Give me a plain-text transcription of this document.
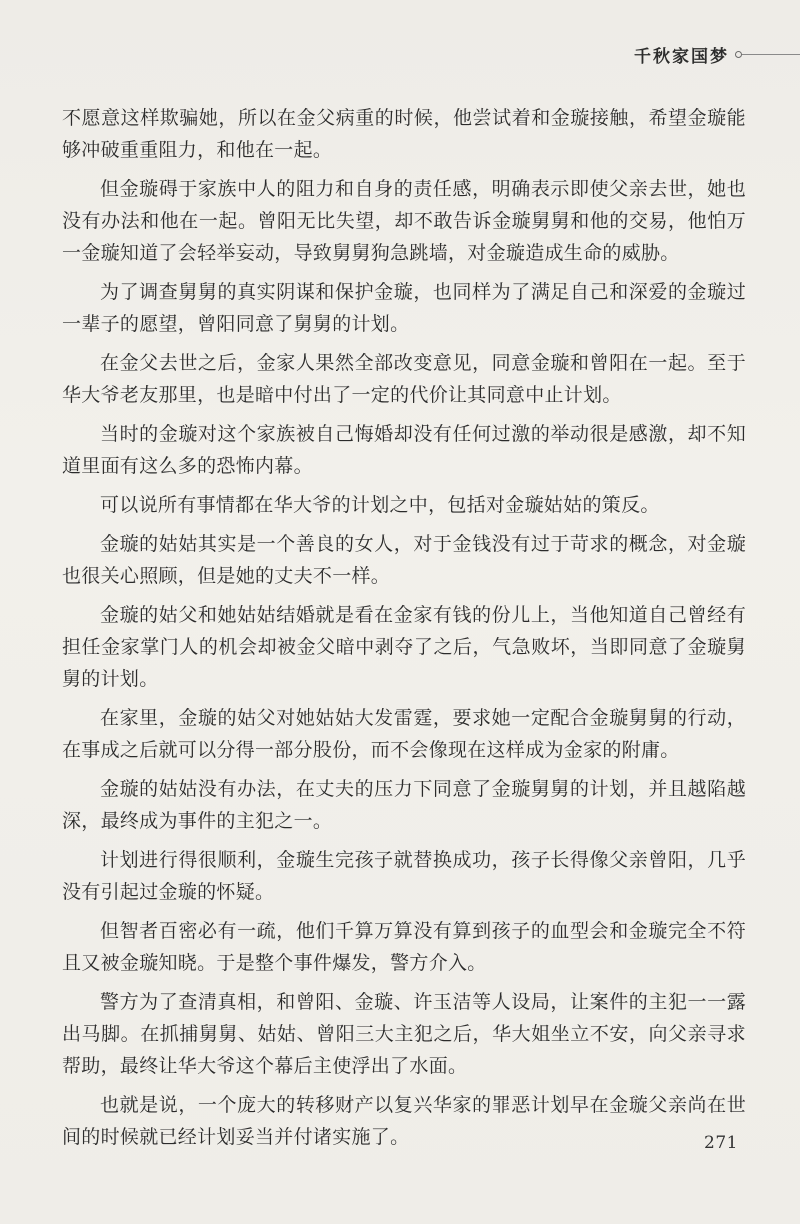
千秋家国梦

不愿意这样欺骗她，所以在金父病重的时候，他尝试着和金璇接触，希望金璇能够冲破重重阻力，和他在一起。

但金璇碍于家族中人的阻力和自身的责任感，明确表示即使父亲去世，她也没有办法和他在一起。曾阳无比失望，却不敢告诉金璇舅舅和他的交易，他怕万一金璇知道了会轻举妄动，导致舅舅狗急跳墙，对金璇造成生命的威胁。

为了调查舅舅的真实阴谋和保护金璇，也同样为了满足自己和深爱的金璇过一辈子的愿望，曾阳同意了舅舅的计划。

在金父去世之后，金家人果然全部改变意见，同意金璇和曾阳在一起。至于华大爷老友那里，也是暗中付出了一定的代价让其同意中止计划。

当时的金璇对这个家族被自己悔婚却没有任何过激的举动很是感激，却不知道里面有这么多的恐怖内幕。

可以说所有事情都在华大爷的计划之中，包括对金璇姑姑的策反。

金璇的姑姑其实是一个善良的女人，对于金钱没有过于苛求的概念，对金璇也很关心照顾，但是她的丈夫不一样。

金璇的姑父和她姑姑结婚就是看在金家有钱的份儿上，当他知道自己曾经有担任金家掌门人的机会却被金父暗中剥夺了之后，气急败坏，当即同意了金璇舅舅的计划。

在家里，金璇的姑父对她姑姑大发雷霆，要求她一定配合金璇舅舅的行动，在事成之后就可以分得一部分股份，而不会像现在这样成为金家的附庸。

金璇的姑姑没有办法，在丈夫的压力下同意了金璇舅舅的计划，并且越陷越深，最终成为事件的主犯之一。

计划进行得很顺利，金璇生完孩子就替换成功，孩子长得像父亲曾阳，几乎没有引起过金璇的怀疑。

但智者百密必有一疏，他们千算万算没有算到孩子的血型会和金璇完全不符且又被金璇知晓。于是整个事件爆发，警方介入。

警方为了查清真相，和曾阳、金璇、许玉洁等人设局，让案件的主犯一一露出马脚。在抓捕舅舅、姑姑、曾阳三大主犯之后，华大姐坐立不安，向父亲寻求帮助，最终让华大爷这个幕后主使浮出了水面。

也就是说，一个庞大的转移财产以复兴华家的罪恶计划早在金璇父亲尚在世间的时候就已经计划妥当并付诸实施了。	271
